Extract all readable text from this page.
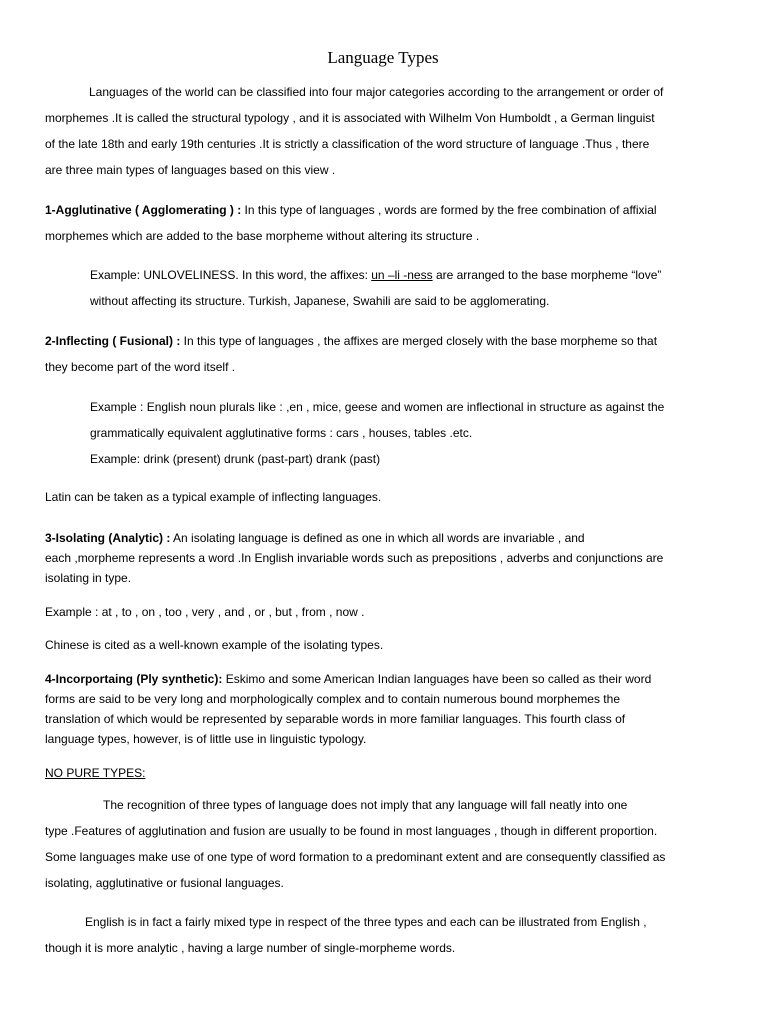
Language Types
Languages of the world can be classified into four major categories according to the arrangement or order of
morphemes .It is called the structural typology , and it is associated with Wilhelm Von Humboldt , a German linguist
of the late 18th and early 19th centuries .It is strictly a classification of the word structure of language .Thus , there
are three main types of languages based on this view .
1-Agglutinative ( Agglomerating ) : In this type of languages , words are formed by the free combination of affixial
morphemes which are added to the base morpheme without altering its structure .
Example: UNLOVELINESS. In this word, the affixes: un –li -ness are arranged to the base morpheme “love”
without affecting its structure. Turkish, Japanese, Swahili are said to be agglomerating.
2-Inflecting ( Fusional) : In this type of languages , the affixes are merged closely with the base morpheme so that
they become part of the word itself .
Example : English noun plurals like : ,en , mice, geese and women are inflectional in structure as against the
grammatically equivalent agglutinative forms : cars , houses, tables .etc.
Example: drink (present) drunk (past-part) drank (past)
Latin can be taken as a typical example of inflecting languages.
3-Isolating (Analytic) : An isolating language is defined as one in which all words are invariable , and
each ,morpheme represents a word .In English invariable words such as prepositions , adverbs and conjunctions are
isolating in type.
Example : at , to , on , too , very , and , or , but , from , now .
Chinese is cited as a well-known example of the isolating types.
4-Incorportaing (Ply synthetic): Eskimo and some American Indian languages have been so called as their word
forms are said to be very long and morphologically complex and to contain numerous bound morphemes the
translation of which would be represented by separable words in more familiar languages. This fourth class of
language types, however, is of little use in linguistic typology.
NO PURE TYPES:
The recognition of three types of language does not imply that any language will fall neatly into one
type .Features of agglutination and fusion are usually to be found in most languages , though in different proportion.
Some languages make use of one type of word formation to a predominant extent and are consequently classified as
isolating, agglutinative or fusional languages.
English is in fact a fairly mixed type in respect of the three types and each can be illustrated from English ,
though it is more analytic , having a large number of single-morpheme words.
